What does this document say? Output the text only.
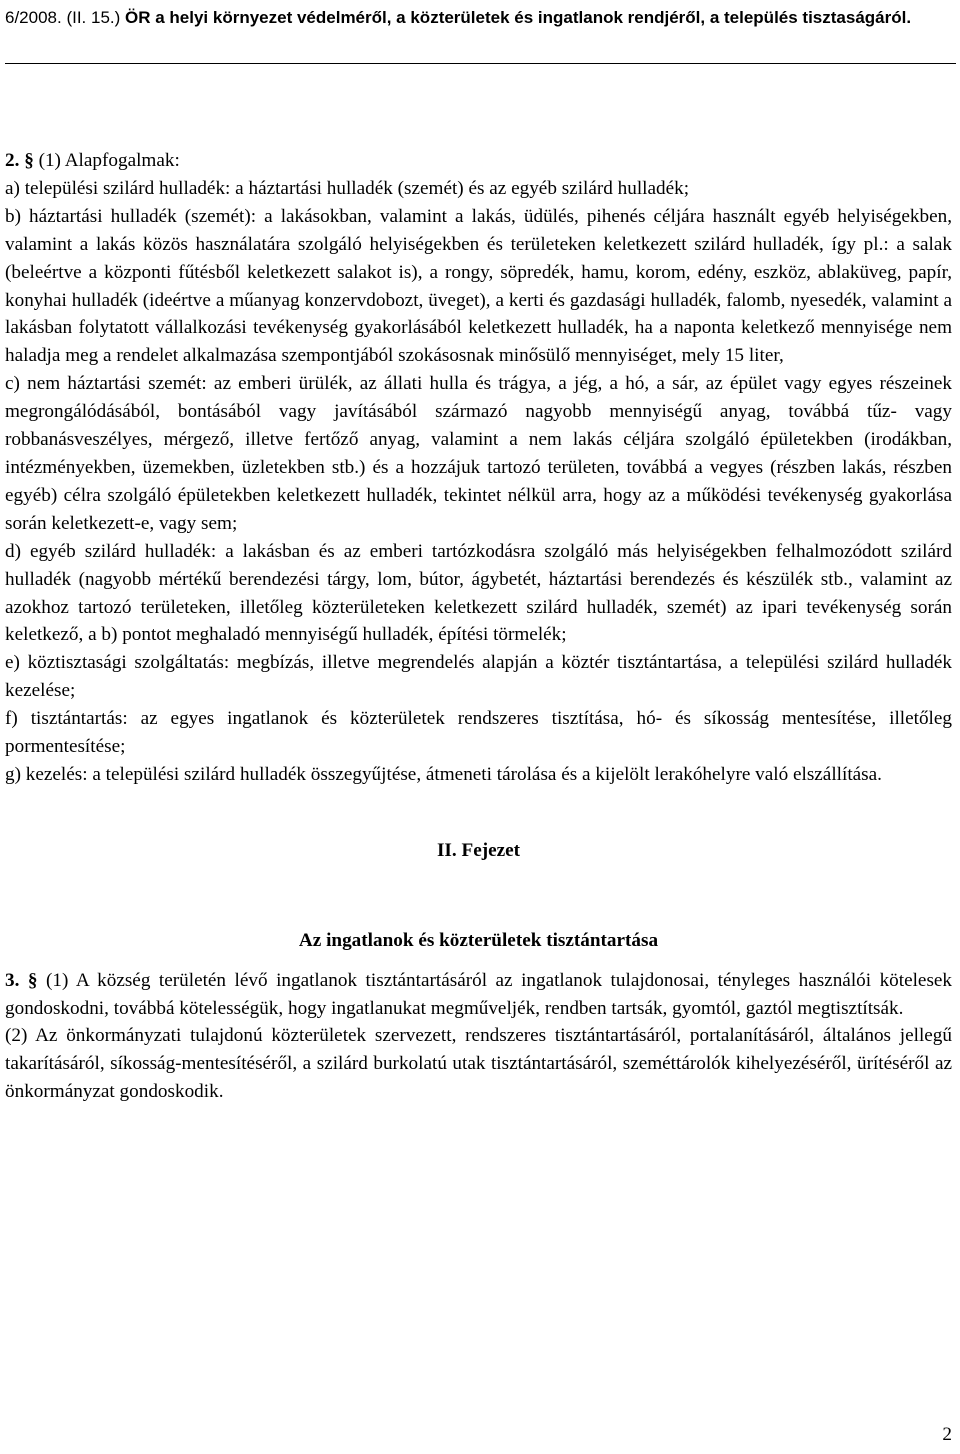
6/2008. (II. 15.) ÖR a helyi környezet védelméről, a közterületek és ingatlanok rendjéről, a település tisztaságáról.

2. § (1) Alapfogalmak:

a) települési szilárd hulladék: a háztartási hulladék (szemét) és az egyéb szilárd hulladék;

b) háztartási hulladék (szemét): a lakásokban, valamint a lakás, üdülés, pihenés céljára használt egyéb helyiségekben, valamint a lakás közös használatára szolgáló helyiségekben és területeken keletkezett szilárd hulladék, így pl.: a salak (beleértve a központi fűtésből keletkezett salakot is), a rongy, söpredék, hamu, korom, edény, eszköz, ablaküveg, papír, konyhai hulladék (ideértve a műanyag konzervdobozt, üveget), a kerti és gazdasági hulladék, falomb, nyesedék, valamint a lakásban folytatott vállalkozási tevékenység gyakorlásából keletkezett hulladék, ha a naponta keletkező mennyisége nem haladja meg a rendelet alkalmazása szempontjából szokásosnak minősülő mennyiséget, mely 15 liter,

c) nem háztartási szemét: az emberi ürülék, az állati hulla és trágya, a jég, a hó, a sár, az épület vagy egyes részeinek megrongálódásából, bontásából vagy javításából származó nagyobb mennyiségű anyag, továbbá tűz- vagy robbanásveszélyes, mérgező, illetve fertőző anyag, valamint a nem lakás céljára szolgáló épületekben (irodákban, intézményekben, üzemekben, üzletekben stb.) és a hozzájuk tartozó területen, továbbá a vegyes (részben lakás, részben egyéb) célra szolgáló épületekben keletkezett hulladék, tekintet nélkül arra, hogy az a működési tevékenység gyakorlása során keletkezett-e, vagy sem;

d) egyéb szilárd hulladék: a lakásban és az emberi tartózkodásra szolgáló más helyiségekben felhalmozódott szilárd hulladék (nagyobb mértékű berendezési tárgy, lom, bútor, ágybetét, háztartási berendezés és készülék stb., valamint az azokhoz tartozó területeken, illetőleg közterületeken keletkezett szilárd hulladék, szemét) az ipari tevékenység során keletkező, a b) pontot meghaladó mennyiségű hulladék, építési törmelék;

e) köztisztasági szolgáltatás: megbízás, illetve megrendelés alapján a köztér tisztántartása, a települési szilárd hulladék kezelése;

f) tisztántartás: az egyes ingatlanok és közterületek rendszeres tisztítása, hó- és síkosság mentesítése, illetőleg pormentesítése;

g) kezelés: a települési szilárd hulladék összegyűjtése, átmeneti tárolása és a kijelölt lerakóhelyre való elszállítása.

II. Fejezet

Az ingatlanok és közterületek tisztántartása

3. § (1) A község területén lévő ingatlanok tisztántartásáról az ingatlanok tulajdonosai, tényleges használói kötelesek gondoskodni, továbbá kötelességük, hogy ingatlanukat megműveljék, rendben tartsák, gyomtól, gaztól megtisztítsák.

(2) Az önkormányzati tulajdonú közterületek szervezett, rendszeres tisztántartásáról, portalanításáról, általános jellegű takarításáról, síkosság-mentesítéséről, a szilárd burkolatú utak tisztántartásáról, szeméttárolók kihelyezéséről, ürítéséről az önkormányzat gondoskodik.

2
